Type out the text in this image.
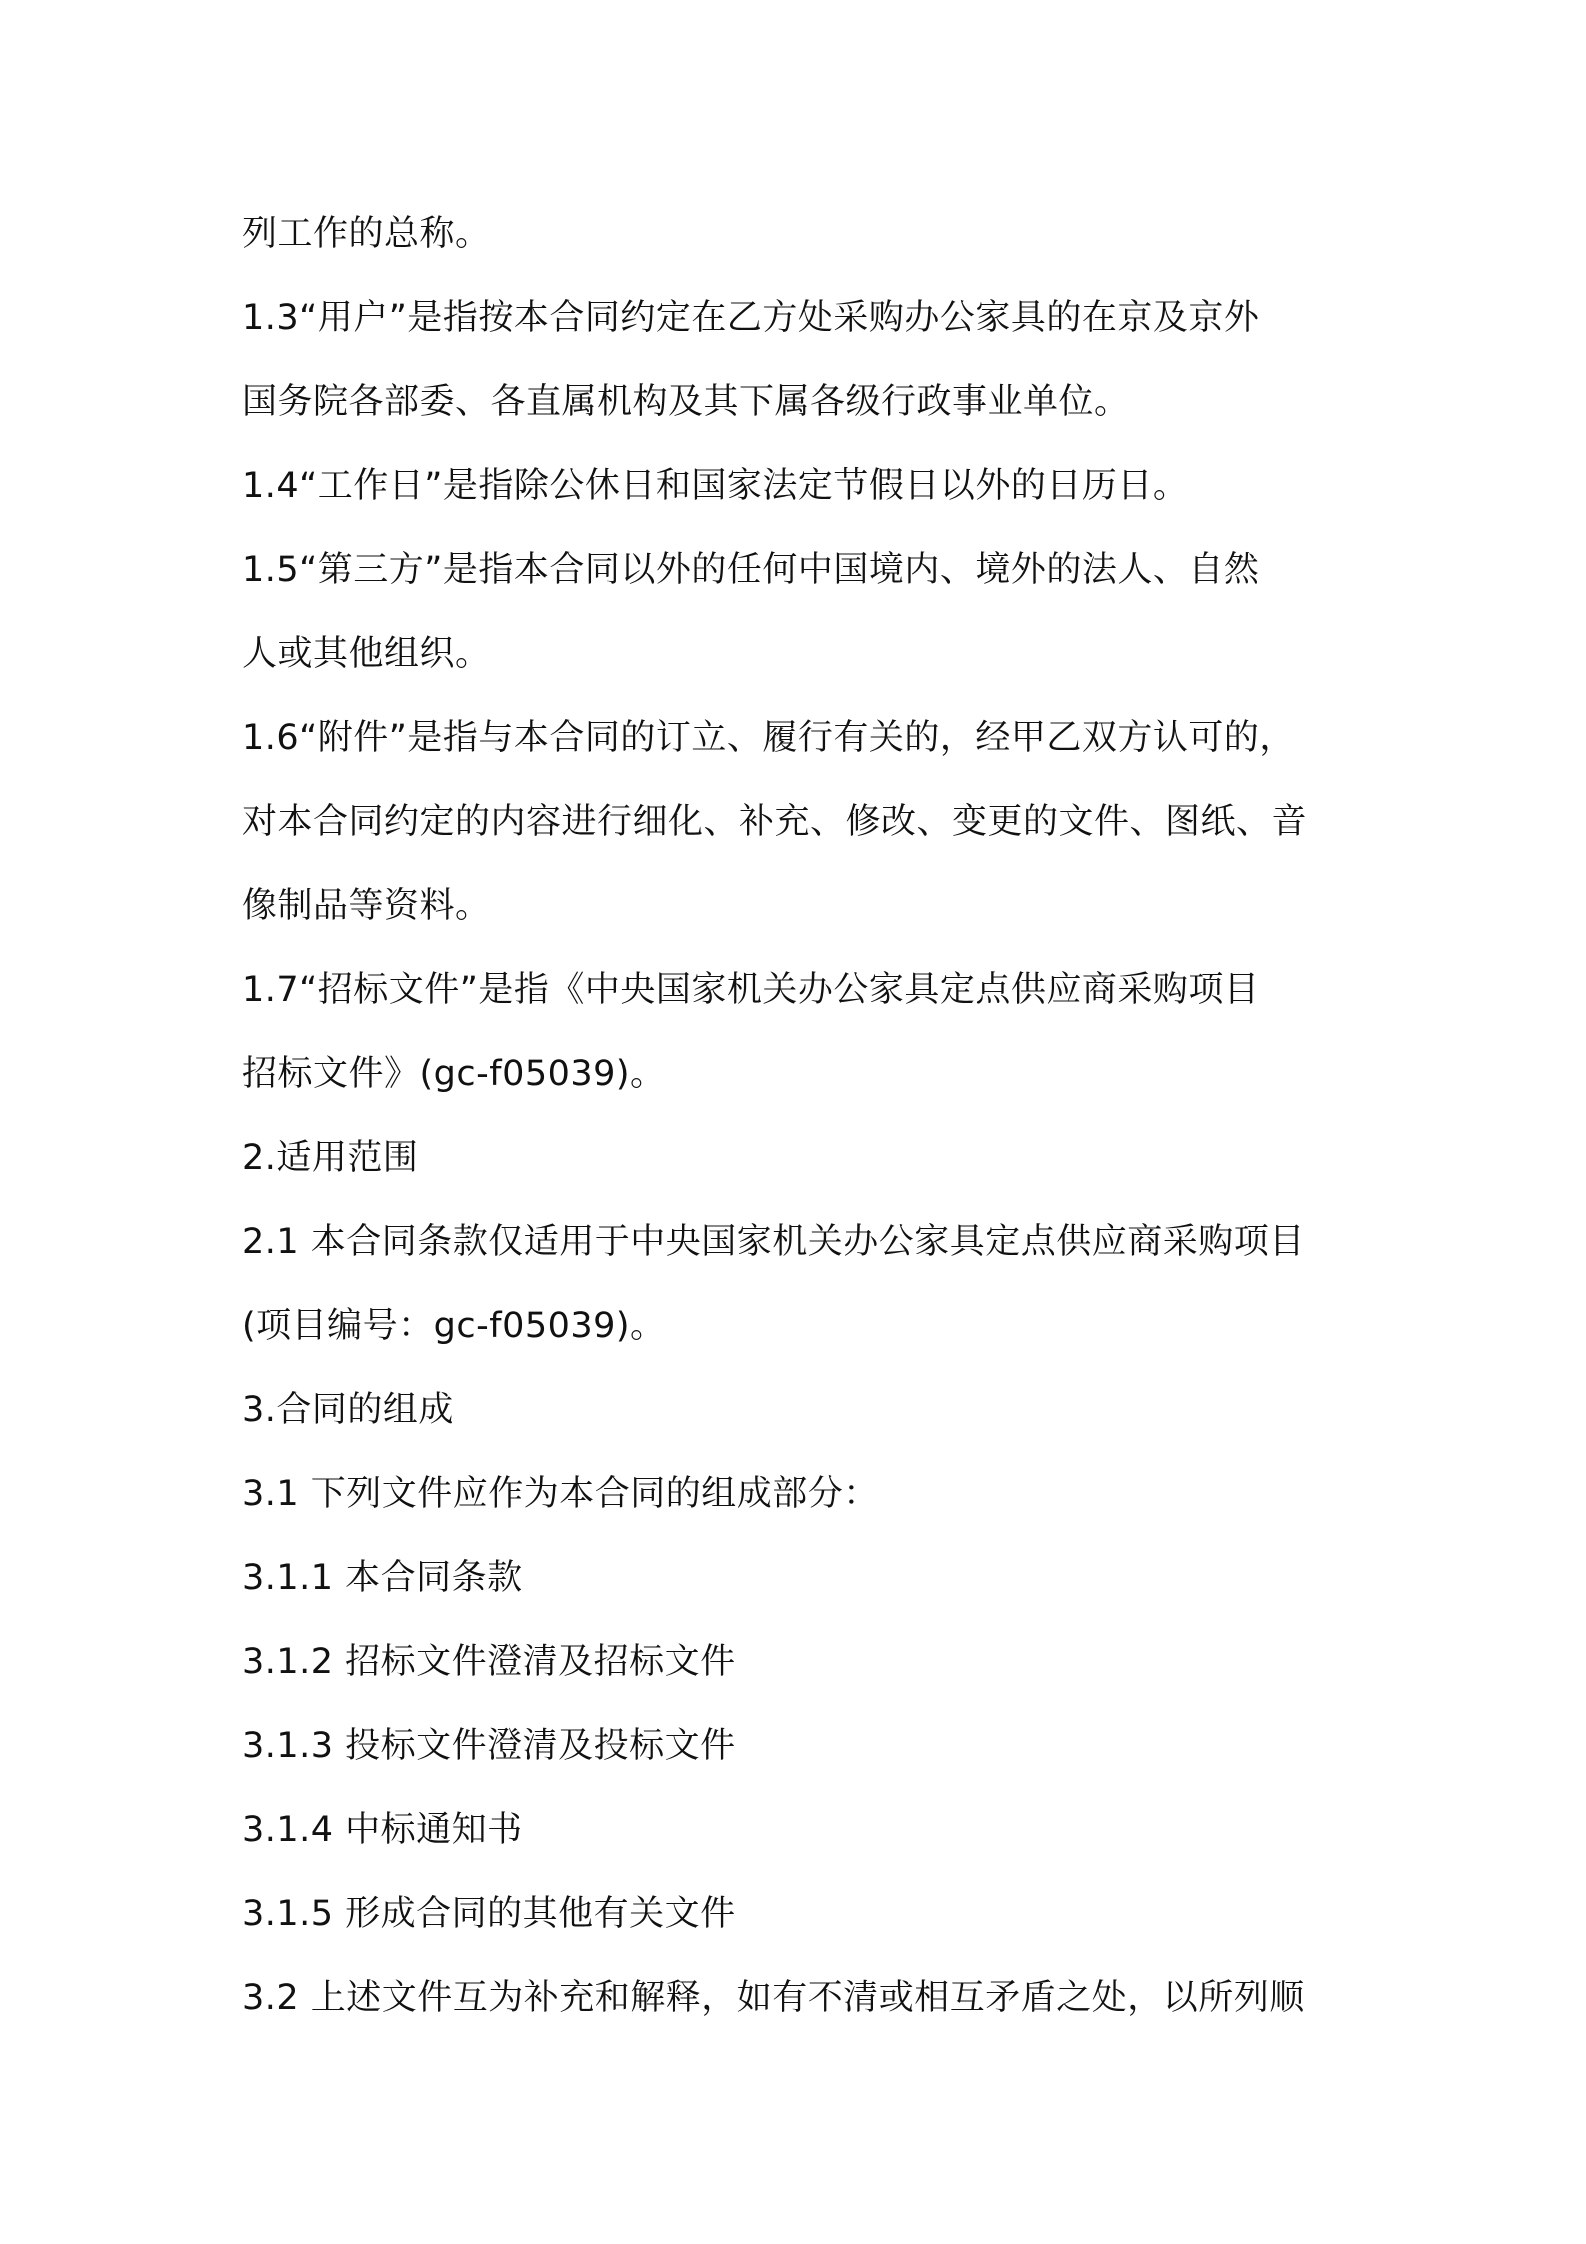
列工作的总称。
1.3“用户”是指按本合同约定在乙方处采购办公家具的在京及京外
国务院各部委、各直属机构及其下属各级行政事业单位。
1.4“工作日”是指除公休日和国家法定节假日以外的日历日。
1.5“第三方”是指本合同以外的任何中国境内、境外的法人、自然
人或其他组织。
1.6“附件”是指与本合同的订立、履行有关的，经甲乙双方认可的，
对本合同约定的内容进行细化、补充、修改、变更的文件、图纸、音
像制品等资料。
1.7“招标文件”是指《中央国家机关办公家具定点供应商采购项目
招标文件》(gc-f05039)。
2.适用范围
2.1 本合同条款仅适用于中央国家机关办公家具定点供应商采购项目
(项目编号：gc-f05039)。
3.合同的组成
3.1 下列文件应作为本合同的组成部分：
3.1.1 本合同条款
3.1.2 招标文件澄清及招标文件
3.1.3 投标文件澄清及投标文件
3.1.4 中标通知书
3.1.5 形成合同的其他有关文件
3.2 上述文件互为补充和解释，如有不清或相互矛盾之处，以所列顺
